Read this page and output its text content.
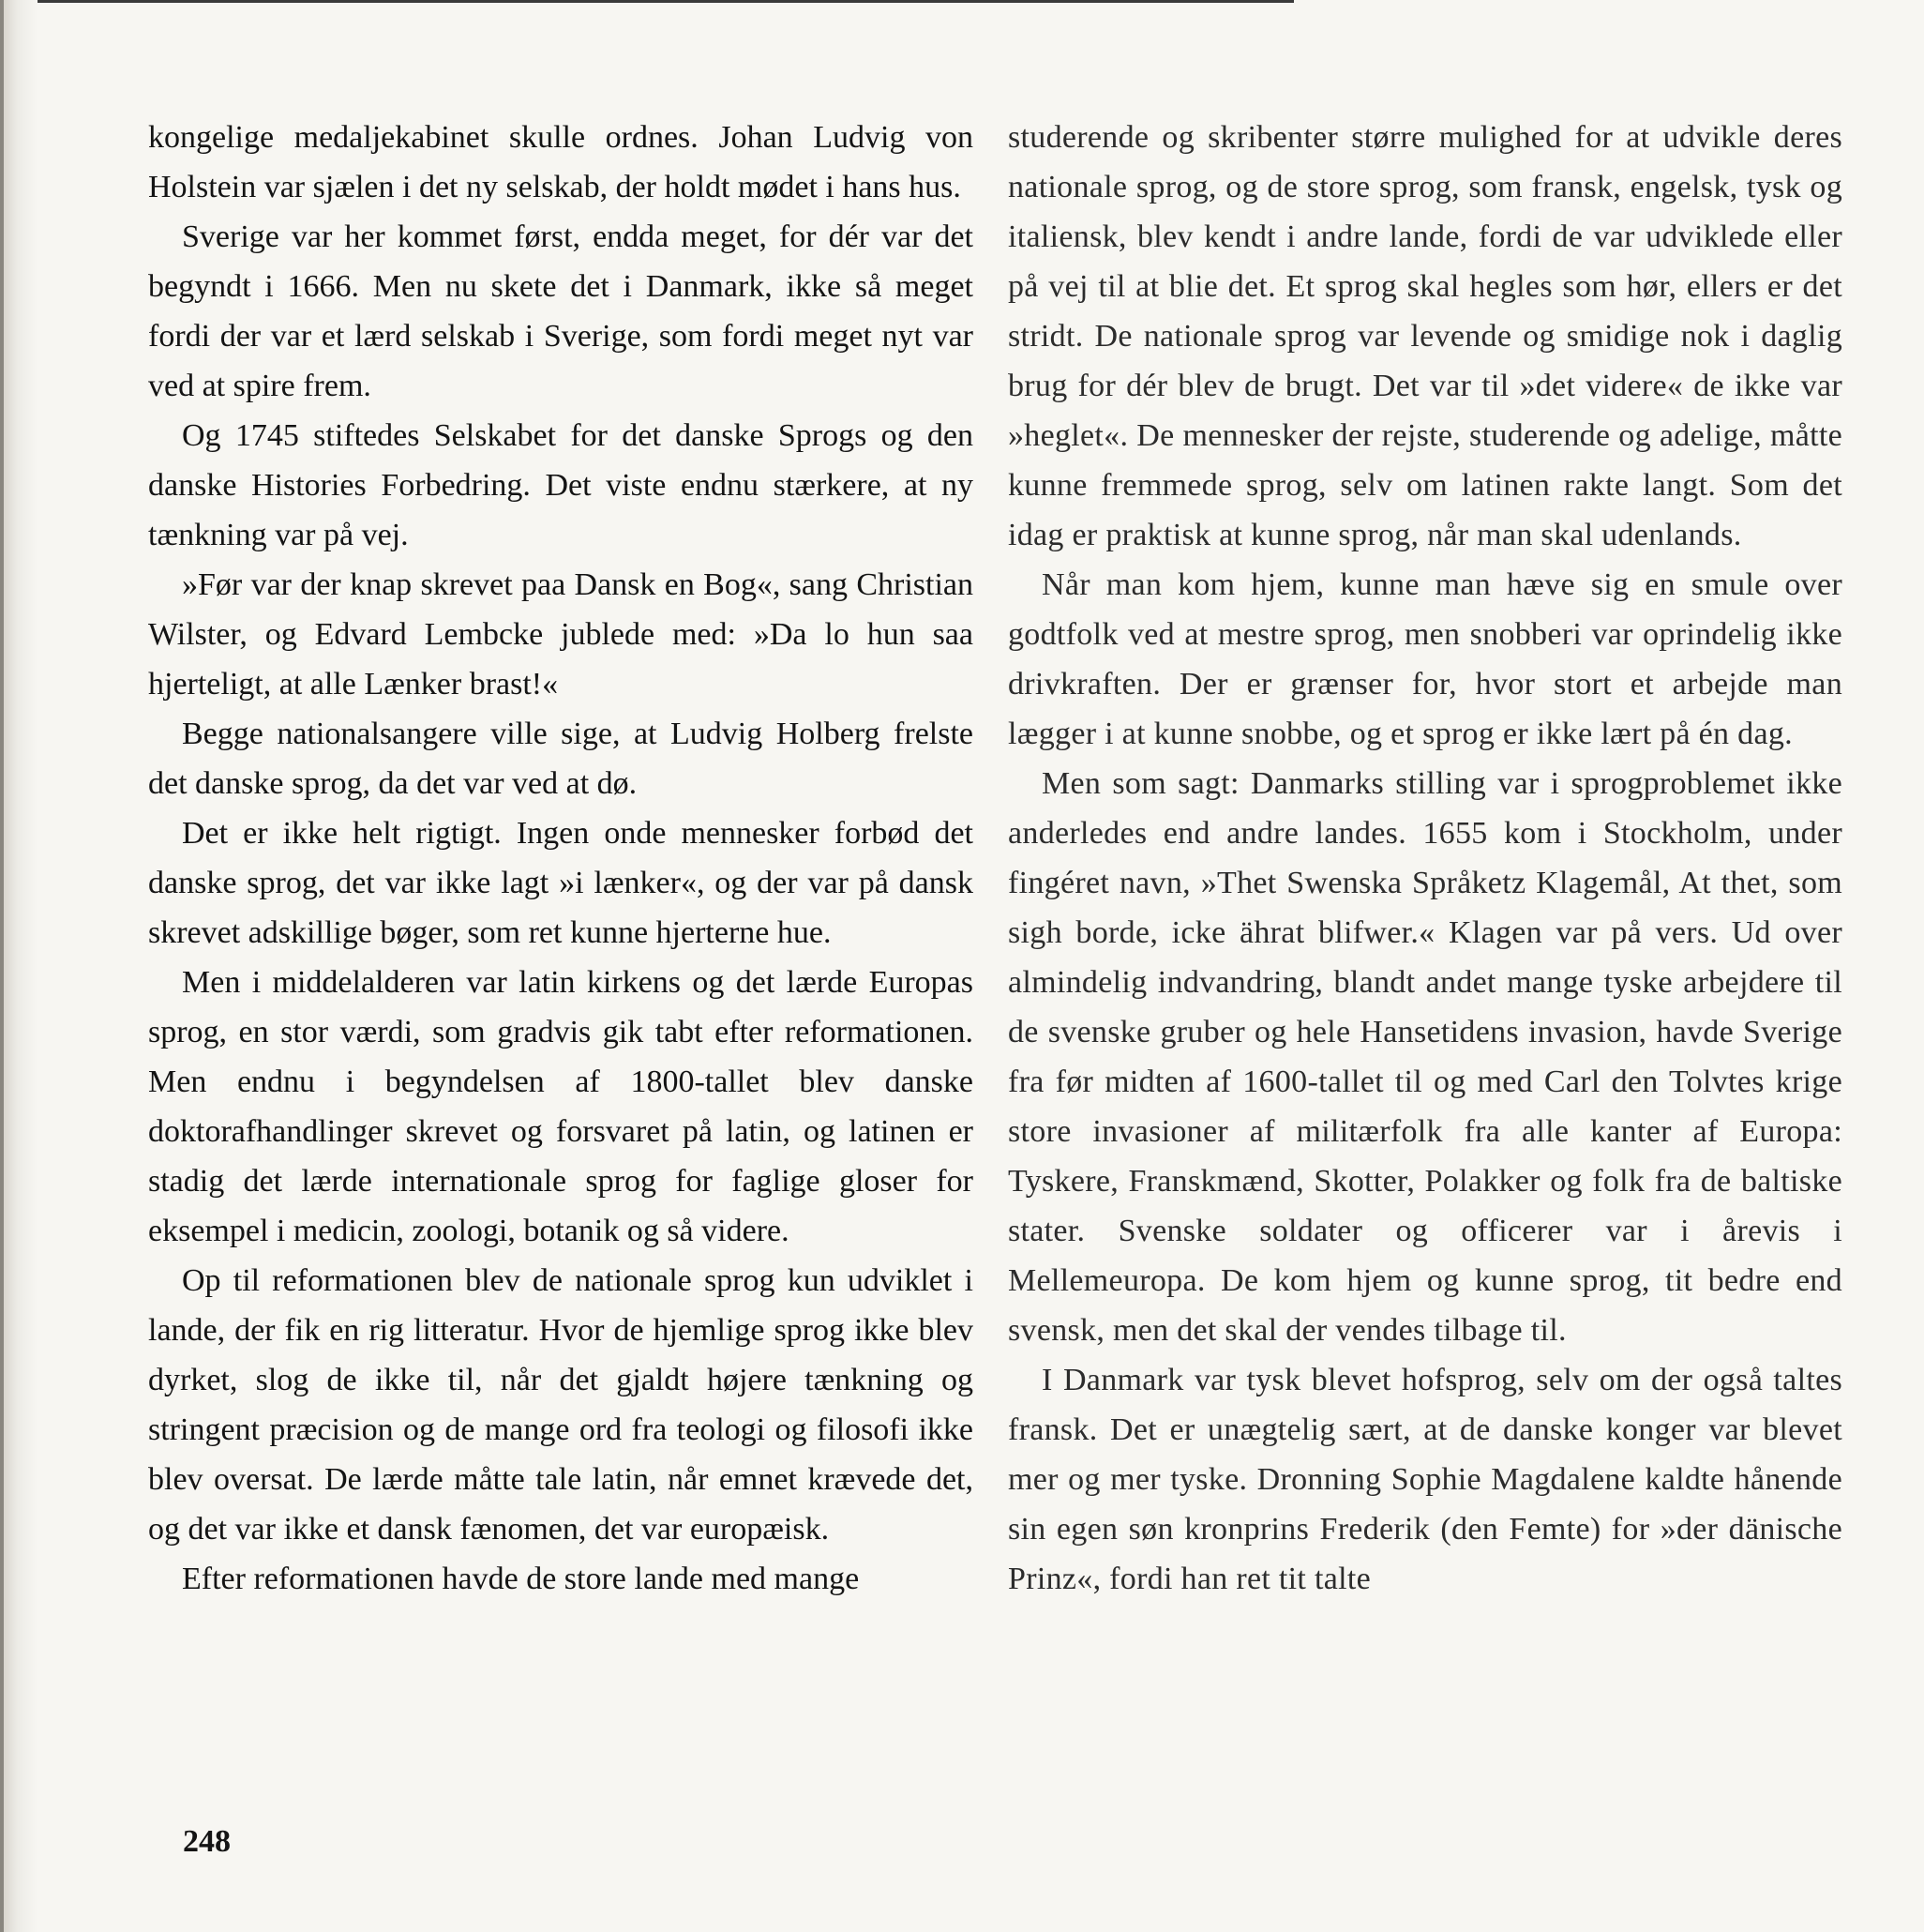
kongelige medaljekabinet skulle ordnes. Johan Ludvig von Holstein var sjælen i det ny selskab, der holdt mødet i hans hus.

Sverige var her kommet først, endda meget, for dér var det begyndt i 1666. Men nu skete det i Danmark, ikke så meget fordi der var et lærd selskab i Sverige, som fordi meget nyt var ved at spire frem.

Og 1745 stiftedes Selskabet for det danske Sprogs og den danske Histories Forbedring. Det viste endnu stærkere, at ny tænkning var på vej.

»Før var der knap skrevet paa Dansk en Bog«, sang Christian Wilster, og Edvard Lembcke jublede med: »Da lo hun saa hjerteligt, at alle Lænker brast!«

Begge nationalsangere ville sige, at Ludvig Holberg frelste det danske sprog, da det var ved at dø.

Det er ikke helt rigtigt. Ingen onde mennesker forbød det danske sprog, det var ikke lagt »i lænker«, og der var på dansk skrevet adskillige bøger, som ret kunne hjerterne hue.

Men i middelalderen var latin kirkens og det lærde Europas sprog, en stor værdi, som gradvis gik tabt efter reformationen. Men endnu i begyndelsen af 1800-tallet blev danske doktorafhandlinger skrevet og forsvaret på latin, og latinen er stadig det lærde internationale sprog for faglige gloser for eksempel i medicin, zoologi, botanik og så videre.

Op til reformationen blev de nationale sprog kun udviklet i lande, der fik en rig litteratur. Hvor de hjemlige sprog ikke blev dyrket, slog de ikke til, når det gjaldt højere tænkning og stringent præcision og de mange ord fra teologi og filosofi ikke blev oversat. De lærde måtte tale latin, når emnet krævede det, og det var ikke et dansk fænomen, det var europæisk.

Efter reformationen havde de store lande med mange

studerende og skribenter større mulighed for at udvikle deres nationale sprog, og de store sprog, som fransk, engelsk, tysk og italiensk, blev kendt i andre lande, fordi de var udviklede eller på vej til at blie det. Et sprog skal hegles som hør, ellers er det stridt. De nationale sprog var levende og smidige nok i daglig brug for dér blev de brugt. Det var til »det videre« de ikke var »heglet«. De mennesker der rejste, studerende og adelige, måtte kunne fremmede sprog, selv om latinen rakte langt. Som det idag er praktisk at kunne sprog, når man skal udenlands.

Når man kom hjem, kunne man hæve sig en smule over godtfolk ved at mestre sprog, men snobberi var oprindelig ikke drivkraften. Der er grænser for, hvor stort et arbejde man lægger i at kunne snobbe, og et sprog er ikke lært på én dag.

Men som sagt: Danmarks stilling var i sprogproblemet ikke anderledes end andre landes. 1655 kom i Stockholm, under fingéret navn, »Thet Swenska Språketz Klagemål, At thet, som sigh borde, icke ährat blifwer.« Klagen var på vers. Ud over almindelig indvandring, blandt andet mange tyske arbejdere til de svenske gruber og hele Hansetidens invasion, havde Sverige fra før midten af 1600-tallet til og med Carl den Tolvtes krige store invasioner af militærfolk fra alle kanter af Europa: Tyskere, Franskmænd, Skotter, Polakker og folk fra de baltiske stater. Svenske soldater og officerer var i årevis i Mellemeuropa. De kom hjem og kunne sprog, tit bedre end svensk, men det skal der vendes tilbage til.

I Danmark var tysk blevet hofsprog, selv om der også taltes fransk. Det er unægtelig sært, at de danske konger var blevet mer og mer tyske. Dronning Sophie Magdalene kaldte hånende sin egen søn kronprins Frederik (den Femte) for »der dänische Prinz«, fordi han ret tit talte

248
